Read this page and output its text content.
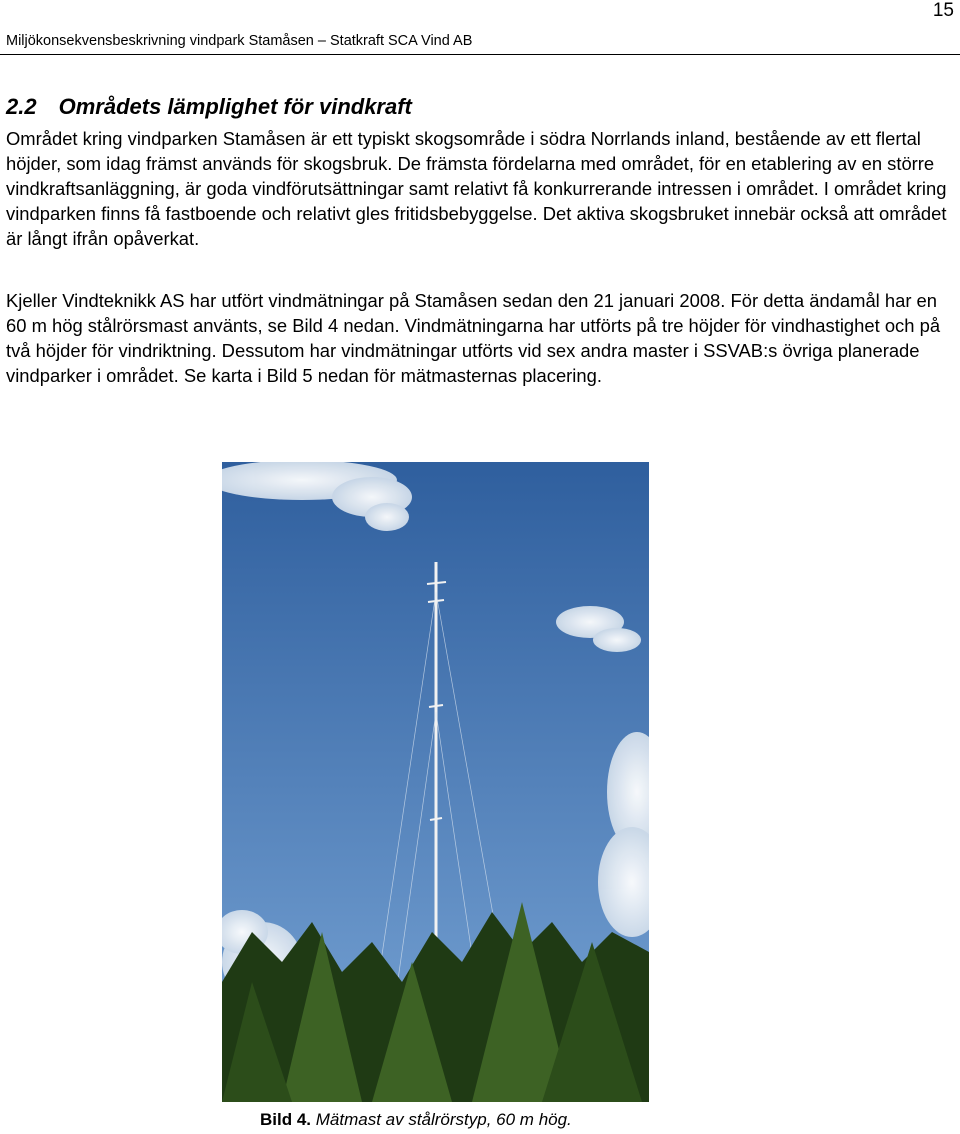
15
Miljökonsekvensbeskrivning vindpark Stamåsen – Statkraft SCA Vind AB
2.2 Områdets lämplighet för vindkraft

Området kring vindparken Stamåsen är ett typiskt skogsområde i södra Norrlands inland, bestående av ett flertal höjder, som idag främst används för skogsbruk. De främsta fördelarna med området, för en etablering av en större vindkraftsanläggning, är goda vindförutsättningar samt relativt få konkurrerande intressen i området. I området kring vindparken finns få fastboende och relativt gles fritidsbebyggelse. Det aktiva skogsbruket innebär också att området är långt ifrån opåverkat.

Kjeller Vindteknikk AS har utfört vindmätningar på Stamåsen sedan den 21 januari 2008. För detta ändamål har en 60 m hög stålrörsmast använts, se Bild 4 nedan. Vindmätningarna har utförts på tre höjder för vindhastighet och på två höjder för vindriktning. Dessutom har vindmätningar utförts vid sex andra master i SSVAB:s övriga planerade vindparker i området. Se karta i Bild 5 nedan för mätmasternas placering.

Bild 4. Mätmast av stålrörstyp, 60 m hög.
